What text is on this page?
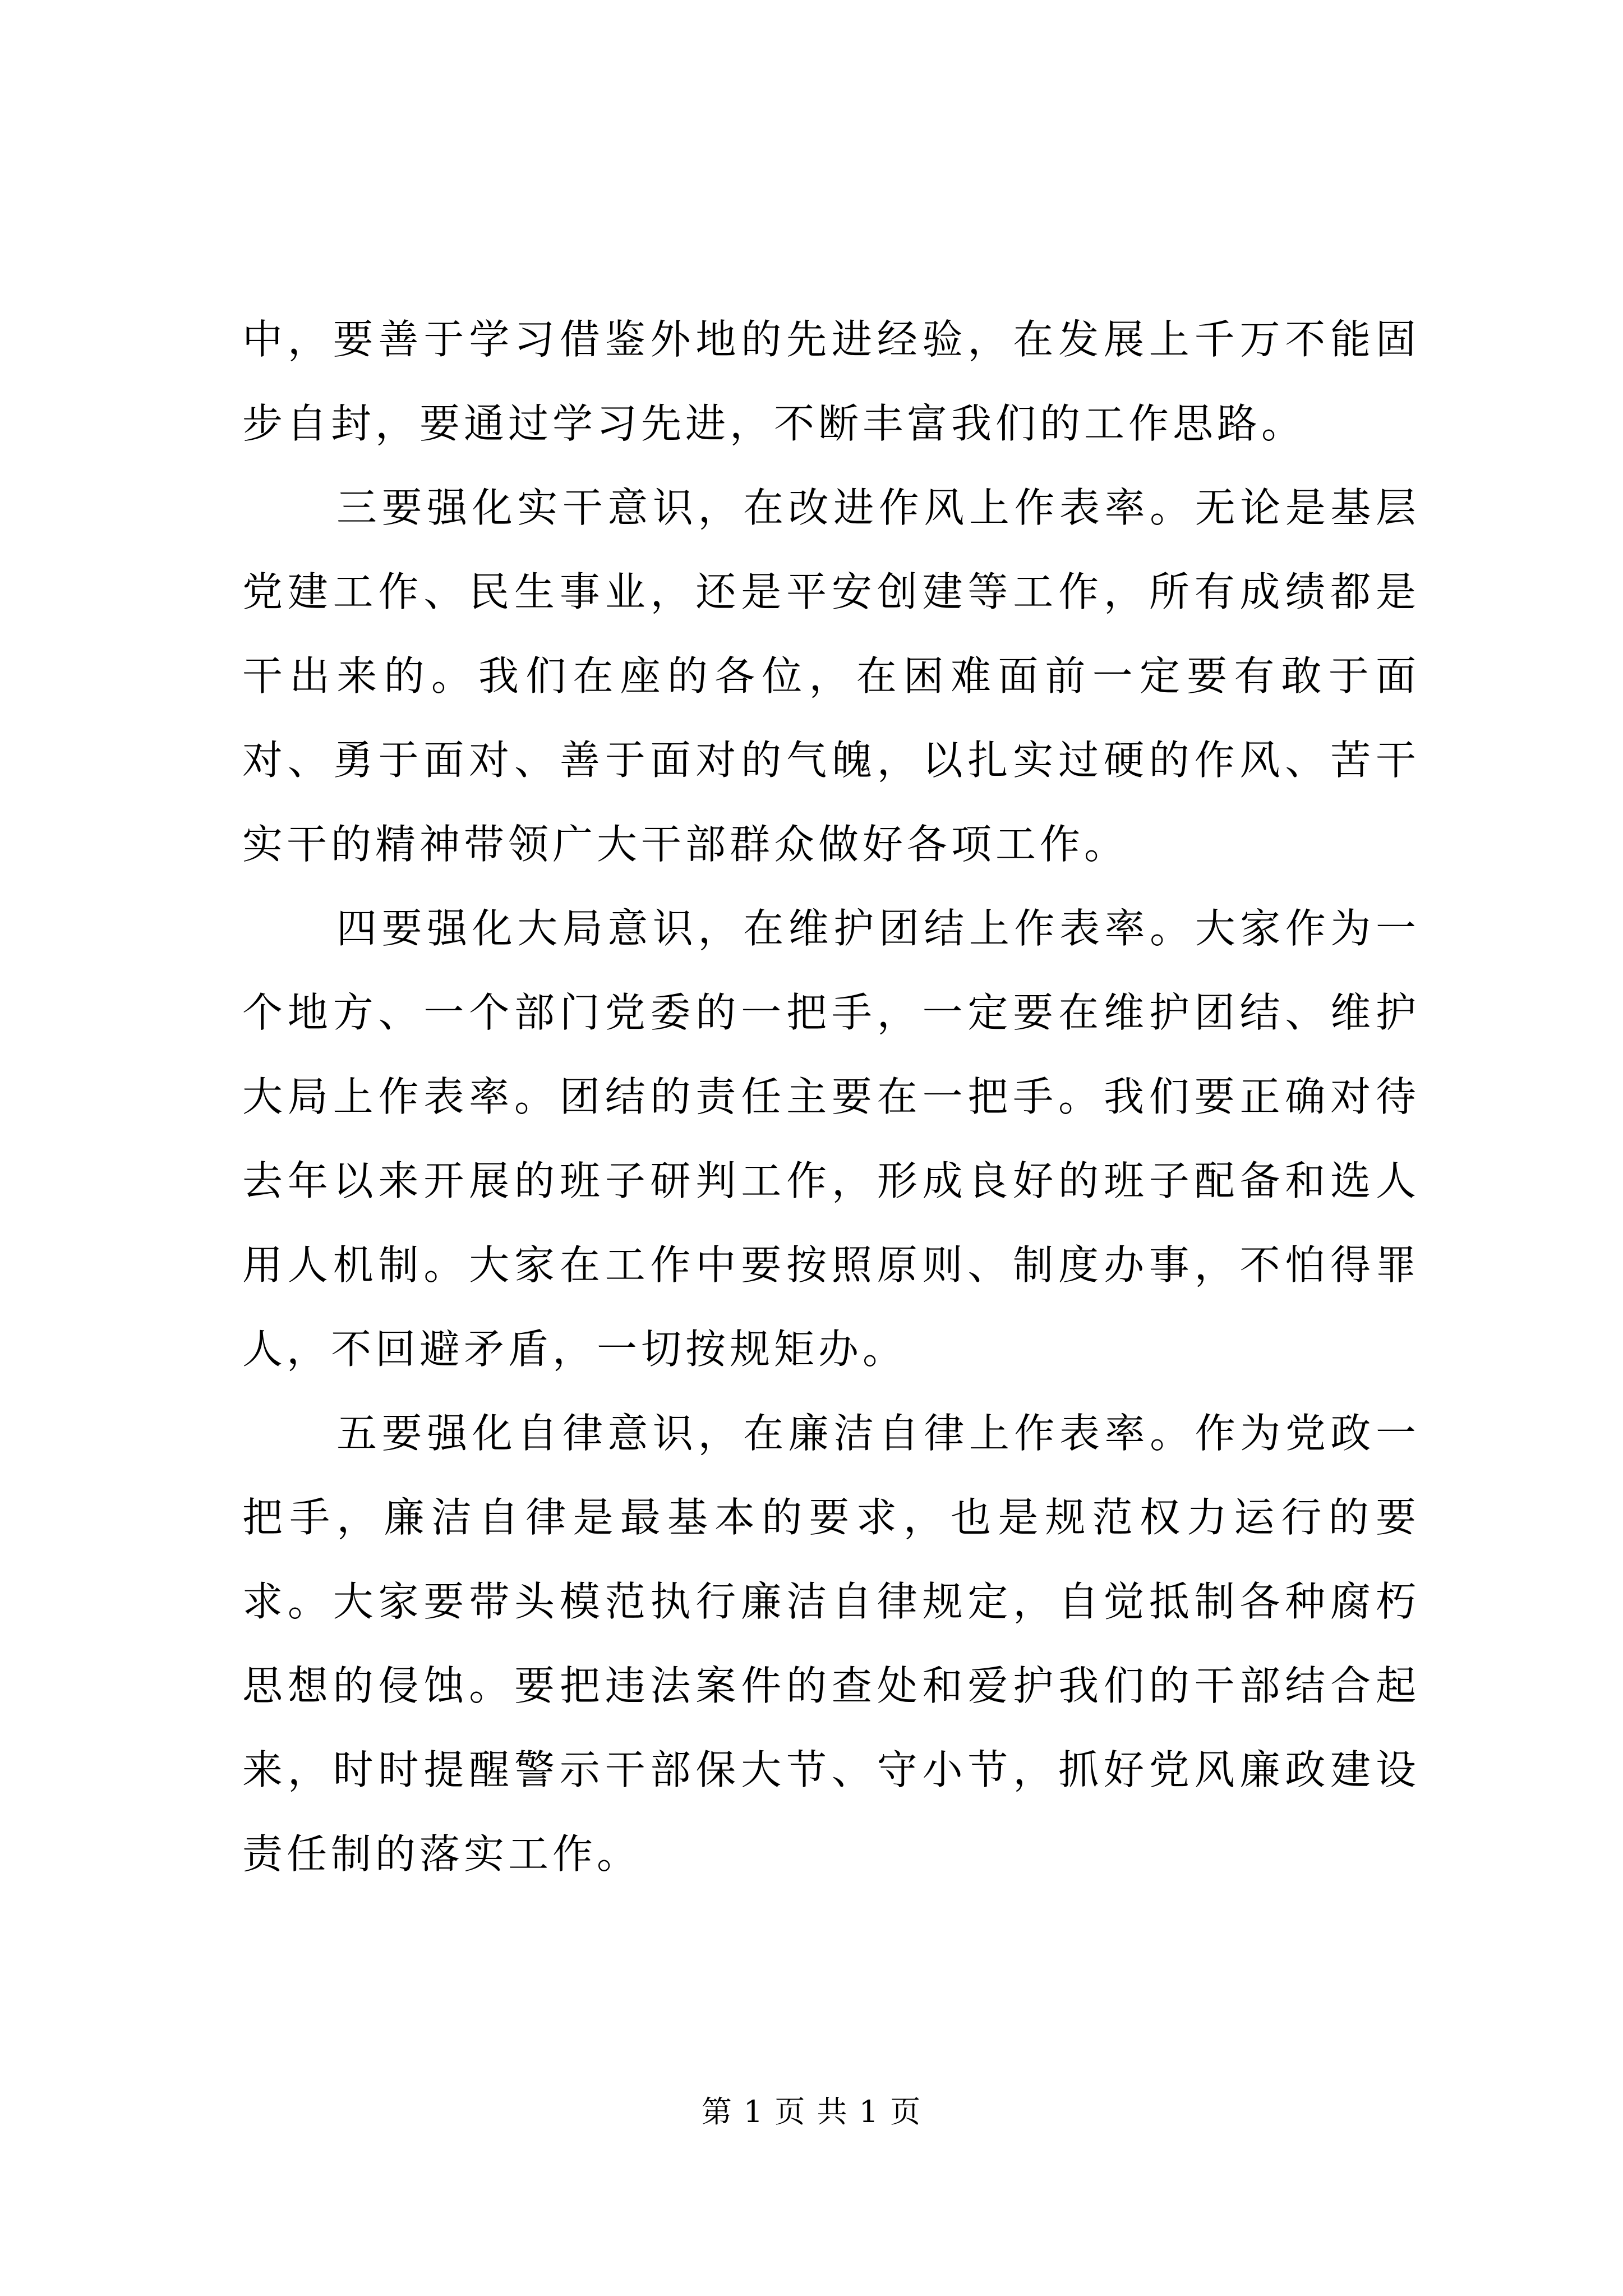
中，要善于学习借鉴外地的先进经验，在发展上千万不能固步自封，要通过学习先进，不断丰富我们的工作思路。

三要强化实干意识，在改进作风上作表率。无论是基层党建工作、民生事业，还是平安创建等工作，所有成绩都是干出来的。我们在座的各位，在困难面前一定要有敢于面对、勇于面对、善于面对的气魄，以扎实过硬的作风、苦干实干的精神带领广大干部群众做好各项工作。

四要强化大局意识，在维护团结上作表率。大家作为一个地方、一个部门党委的一把手，一定要在维护团结、维护大局上作表率。团结的责任主要在一把手。我们要正确对待去年以来开展的班子研判工作，形成良好的班子配备和选人用人机制。大家在工作中要按照原则、制度办事，不怕得罪人，不回避矛盾，一切按规矩办。

五要强化自律意识，在廉洁自律上作表率。作为党政一把手，廉洁自律是最基本的要求，也是规范权力运行的要求。大家要带头模范执行廉洁自律规定，自觉抵制各种腐朽思想的侵蚀。要把违法案件的查处和爱护我们的干部结合起来，时时提醒警示干部保大节、守小节，抓好党风廉政建设责任制的落实工作。

第 1 页 共 1 页
